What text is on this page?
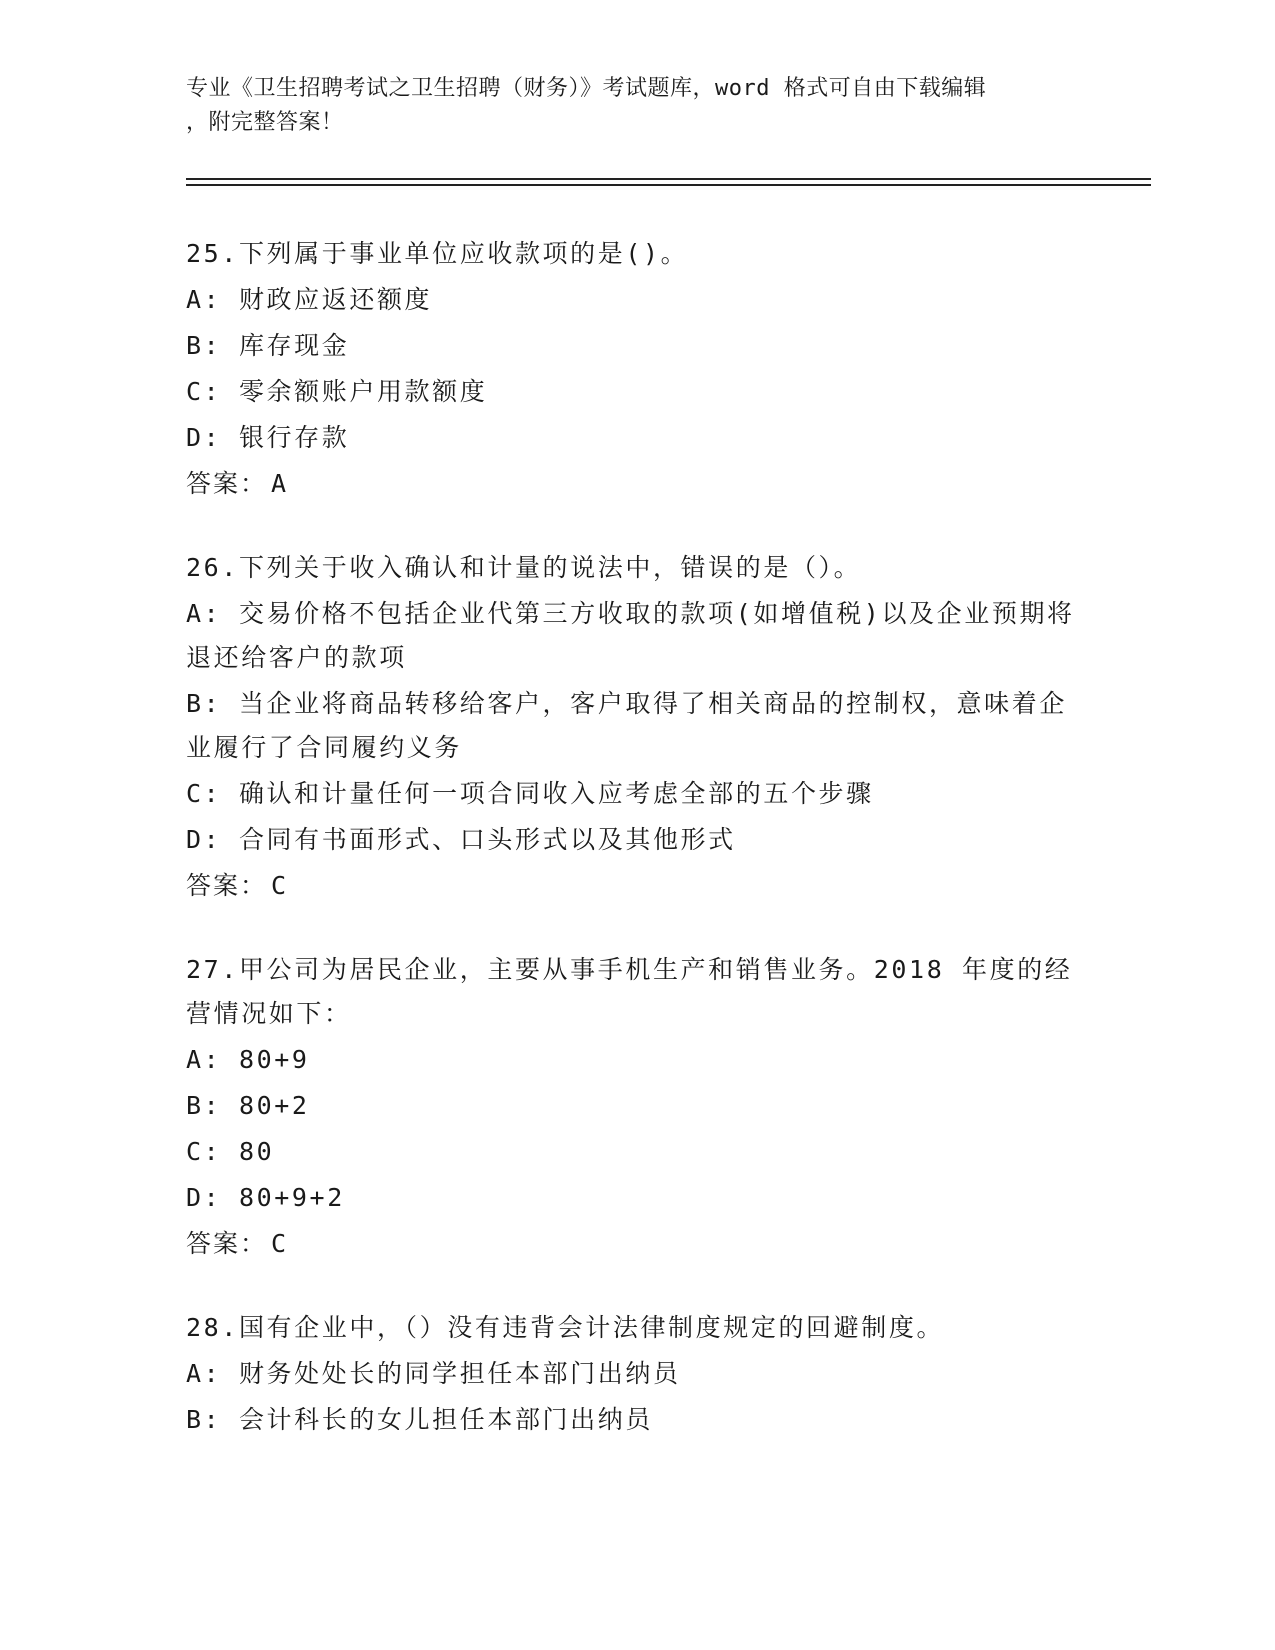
专业《卫生招聘考试之卫生招聘（财务）》考试题库，word 格式可自由下载编辑
，附完整答案！
25.下列属于事业单位应收款项的是()。
A: 财政应返还额度
B: 库存现金
C: 零余额账户用款额度
D: 银行存款
答案： A
26.下列关于收入确认和计量的说法中，错误的是（）。
A: 交易价格不包括企业代第三方收取的款项(如增值税)以及企业预期将退还给客户的款项
B: 当企业将商品转移给客户，客户取得了相关商品的控制权，意味着企业履行了合同履约义务
C: 确认和计量任何一项合同收入应考虑全部的五个步骤
D: 合同有书面形式、口头形式以及其他形式
答案： C
27.甲公司为居民企业，主要从事手机生产和销售业务。2018 年度的经营情况如下：
A: 80+9
B: 80+2
C: 80
D: 80+9+2
答案： C
28.国有企业中，（）没有违背会计法律制度规定的回避制度。
A: 财务处处长的同学担任本部门出纳员
B: 会计科长的女儿担任本部门出纳员
